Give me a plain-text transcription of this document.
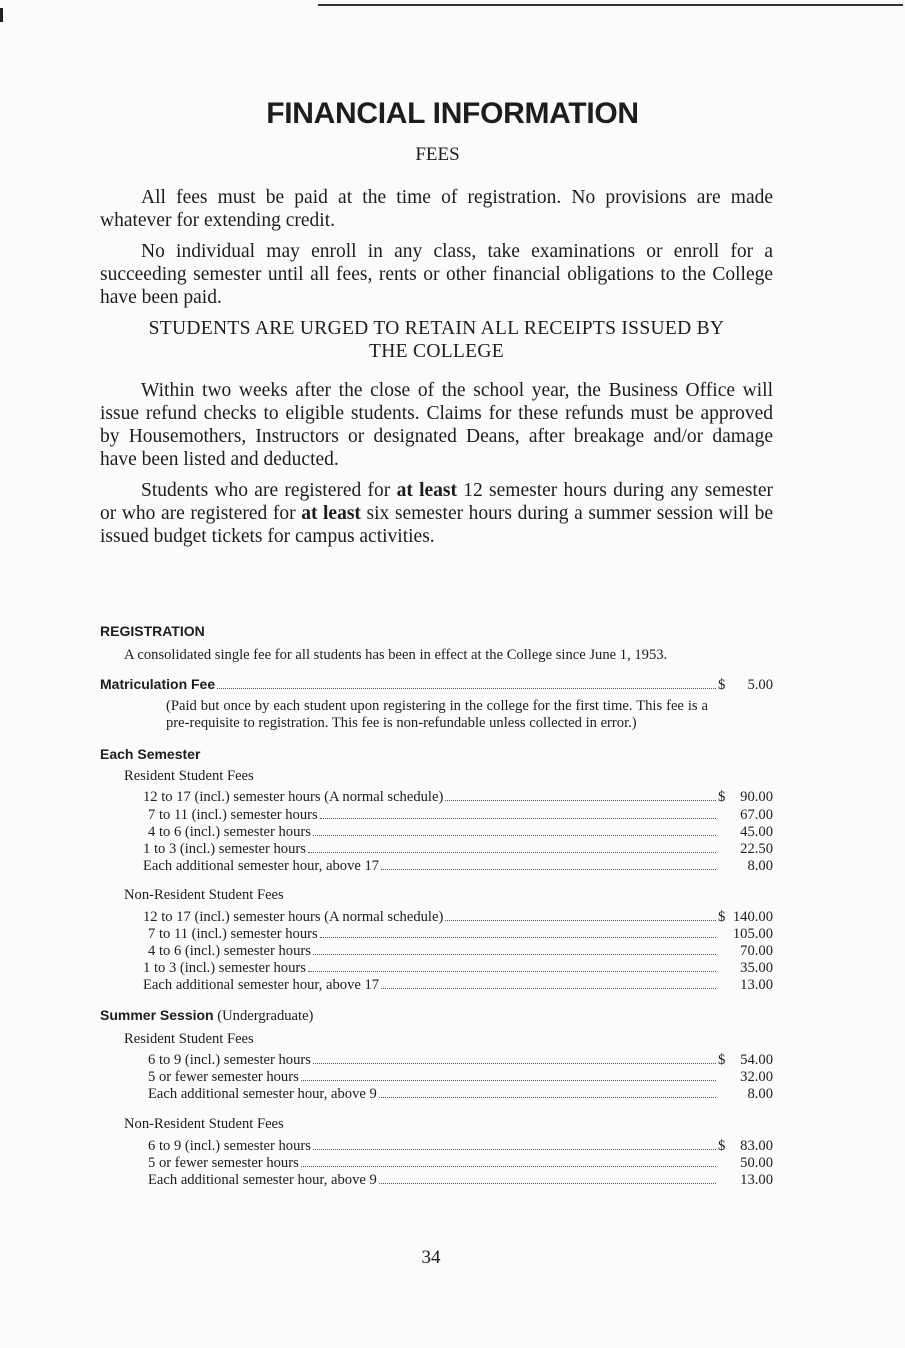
FINANCIAL INFORMATION
FEES

All fees must be paid at the time of registration. No provisions are made whatever for extending credit.

No individual may enroll in any class, take examinations or enroll for a succeeding semester until all fees, rents or other financial obligations to the College have been paid.

STUDENTS ARE URGED TO RETAIN ALL RECEIPTS ISSUED BY THE COLLEGE

Within two weeks after the close of the school year, the Business Office will issue refund checks to eligible students. Claims for these refunds must be approved by Housemothers, Instructors or designated Deans, after breakage and/or damage have been listed and deducted.

Students who are registered for at least 12 semester hours during any semester or who are registered for at least six semester hours during a summer session will be issued budget tickets for campus activities.

REGISTRATION
A consolidated single fee for all students has been in effect at the College since June 1, 1953.
Matriculation Fee	$	5.00
(Paid but once by each student upon registering in the college for the first time. This fee is a pre-requisite to registration. This fee is non-refundable unless collected in error.)
Each Semester
Resident Student Fees
12 to 17 (incl.) semester hours (A normal schedule)	$	90.00
7 to 11 (incl.) semester hours	67.00
4 to 6 (incl.) semester hours	45.00
1 to 3 (incl.) semester hours	22.50
Each additional semester hour, above 17	8.00
Non-Resident Student Fees
12 to 17 (incl.) semester hours (A normal schedule)	$ 140.00
7 to 11 (incl.) semester hours	105.00
4 to 6 (incl.) semester hours	70.00
1 to 3 (incl.) semester hours	35.00
Each additional semester hour, above 17	13.00
Summer Session (Undergraduate)
Resident Student Fees
6 to 9 (incl.) semester hours	$	54.00
5 or fewer semester hours	32.00
Each additional semester hour, above 9	8.00
Non-Resident Student Fees
6 to 9 (incl.) semester hours	$	83.00
5 or fewer semester hours	50.00
Each additional semester hour, above 9	13.00
34
